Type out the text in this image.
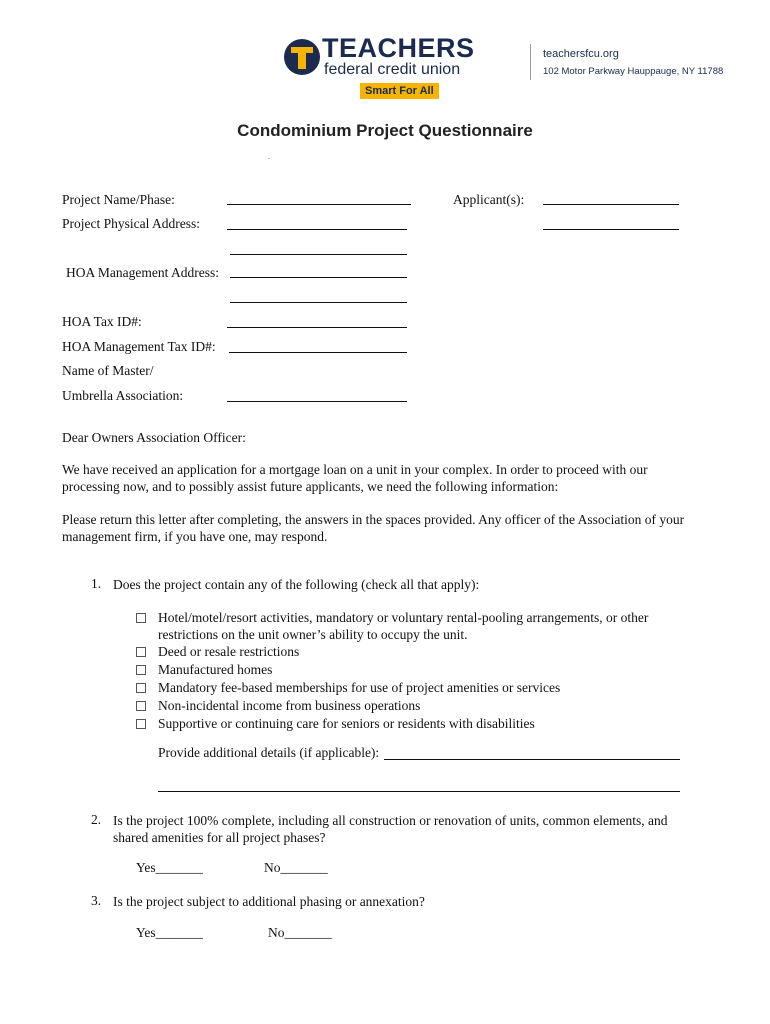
TEACHERS
federal credit union
Smart For All
teachersfcu.org
102 Motor Parkway Hauppauge, NY 11788
Condominium Project Questionnaire
.
Project Name/Phase:	Applicant(s):
Project Physical Address:
HOA Management Address:
HOA Tax ID#:
HOA Management Tax ID#:
Name of Master/
Umbrella Association:
Dear Owners Association Officer:
We have received an application for a mortgage loan on a unit in your complex. In order to proceed with our processing now, and to possibly assist future applicants, we need the following information:
Please return this letter after completing, the answers in the spaces provided. Any officer of the Association of your management firm, if you have one, may respond.
1. Does the project contain any of the following (check all that apply):
Hotel/motel/resort activities, mandatory or voluntary rental-pooling arrangements, or other restrictions on the unit owner’s ability to occupy the unit.
Deed or resale restrictions
Manufactured homes
Mandatory fee-based memberships for use of project amenities or services
Non-incidental income from business operations
Supportive or continuing care for seniors or residents with disabilities
Provide additional details (if applicable):
2. Is the project 100% complete, including all construction or renovation of units, common elements, and shared amenities for all project phases?
Yes_______	No_______
3. Is the project subject to additional phasing or annexation?
Yes_______	No_______
